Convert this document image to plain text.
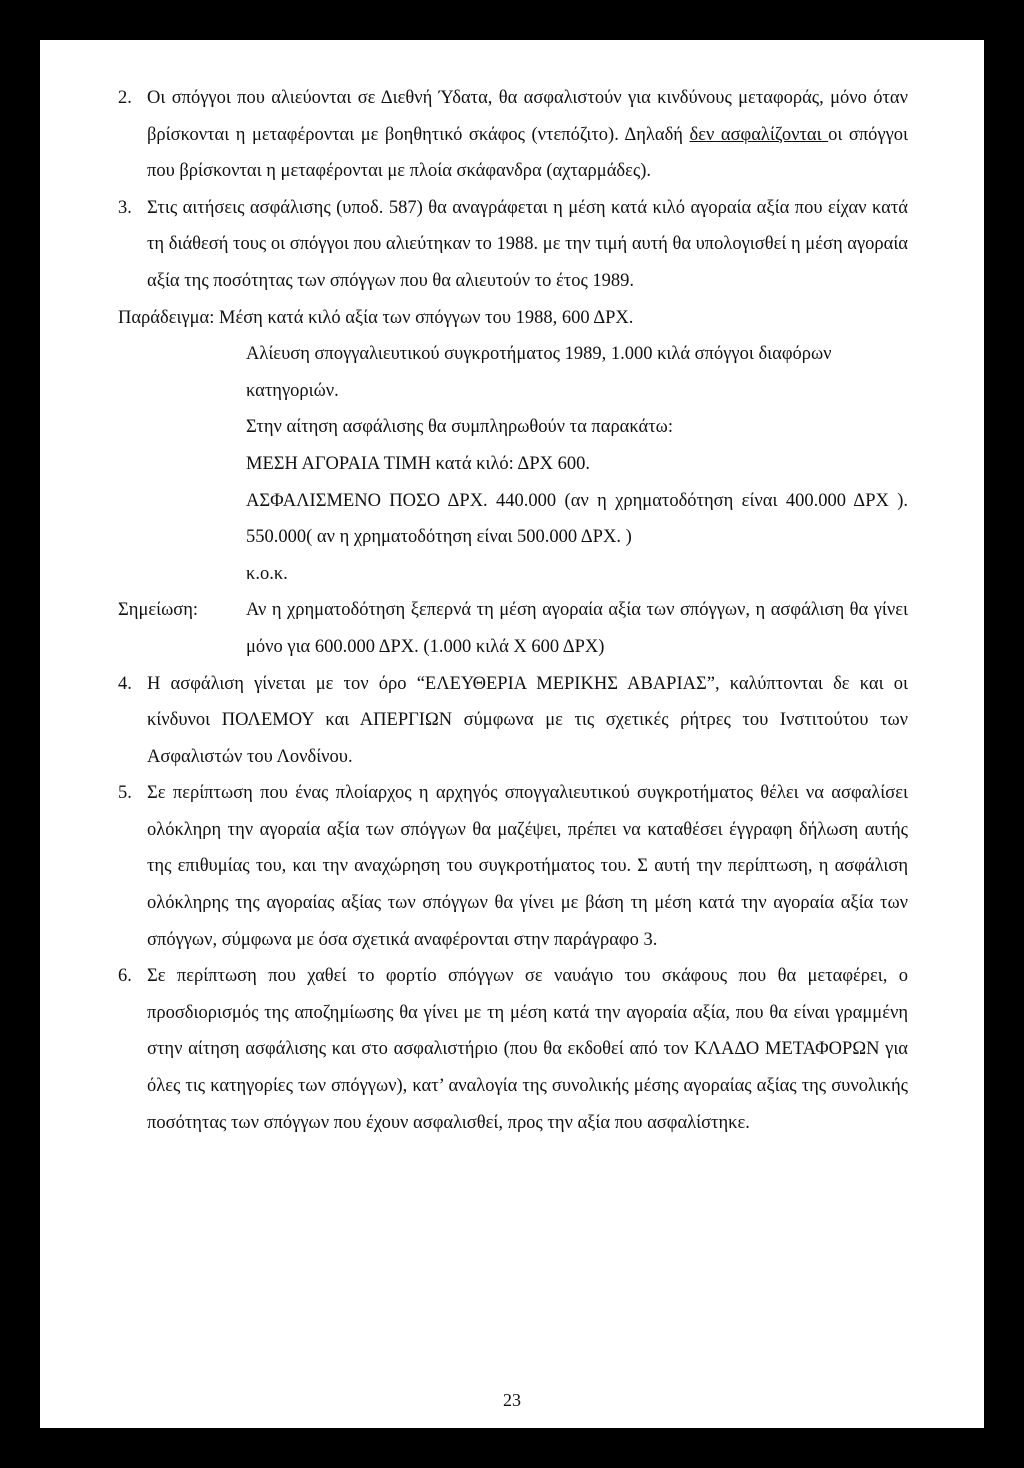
2. Οι σπόγγοι που αλιεύονται σε Διεθνή Ύδατα, θα ασφαλιστούν για κινδύνους μεταφοράς, μόνο όταν βρίσκονται η μεταφέρονται με βοηθητικό σκάφος (ντεπόζιτο). Δηλαδή δεν ασφαλίζονται οι σπόγγοι που βρίσκονται η μεταφέρονται με πλοία σκάφανδρα (αχταρμάδες).
3. Στις αιτήσεις ασφάλισης (υποδ. 587) θα αναγράφεται η μέση κατά κιλό αγοραία αξία που είχαν κατά τη διάθεσή τους οι σπόγγοι που αλιεύτηκαν το 1988. με την τιμή αυτή θα υπολογισθεί η μέση αγοραία αξία της ποσότητας των σπόγγων που θα αλιευτούν το έτος 1989.
Παράδειγμα: Μέση κατά κιλό αξία των σπόγγων του 1988, 600 ΔΡΧ.
Αλίευση σπογγαλιευτικού συγκροτήματος 1989, 1.000 κιλά σπόγγοι διαφόρων κατηγοριών.
Στην αίτηση ασφάλισης θα συμπληρωθούν τα παρακάτω:
ΜΕΣΗ ΑΓΟΡΑΙΑ ΤΙΜΗ κατά κιλό: ΔΡΧ 600.
ΑΣΦΑΛΙΣΜΕΝΟ ΠΟΣΟ ΔΡΧ. 440.000 (αν η χρηματοδότηση είναι 400.000 ΔΡΧ ). 550.000( αν η χρηματοδότηση είναι 500.000 ΔΡΧ. )
κ.ο.κ.
Σημείωση:	Αν η χρηματοδότηση ξεπερνά τη μέση αγοραία αξία των σπόγγων, η ασφάλιση θα γίνει μόνο για 600.000 ΔΡΧ. (1.000 κιλά Χ 600 ΔΡΧ)
4. Η ασφάλιση γίνεται με τον όρο “ΕΛΕΥΘΕΡΙΑ ΜΕΡΙΚΗΣ ΑΒΑΡΙΑΣ”, καλύπτονται δε και οι κίνδυνοι ΠΟΛΕΜΟΥ και ΑΠΕΡΓΙΩΝ σύμφωνα με τις σχετικές ρήτρες του Ινστιτούτου των Ασφαλιστών του Λονδίνου.
5. Σε περίπτωση που ένας πλοίαρχος η αρχηγός σπογγαλιευτικού συγκροτήματος θέλει να ασφαλίσει ολόκληρη την αγοραία αξία των σπόγγων θα μαζέψει, πρέπει να καταθέσει έγγραφη δήλωση αυτής της επιθυμίας του, και την αναχώρηση του συγκροτήματος του. Σ αυτή την περίπτωση, η ασφάλιση ολόκληρης της αγοραίας αξίας των σπόγγων θα γίνει με βάση τη μέση κατά την αγοραία αξία των σπόγγων, σύμφωνα με όσα σχετικά αναφέρονται στην παράγραφο 3.
6. Σε περίπτωση που χαθεί το φορτίο σπόγγων σε ναυάγιο του σκάφους που θα μεταφέρει, ο προσδιορισμός της αποζημίωσης θα γίνει με τη μέση κατά την αγοραία αξία, που θα είναι γραμμένη στην αίτηση ασφάλισης και στο ασφαλιστήριο (που θα εκδοθεί από τον ΚΛΑΔΟ ΜΕΤΑΦΟΡΩΝ για όλες τις κατηγορίες των σπόγγων), κατ’ αναλογία της συνολικής μέσης αγοραίας αξίας της συνολικής ποσότητας των σπόγγων που έχουν ασφαλισθεί, προς την αξία που ασφαλίστηκε.
23
